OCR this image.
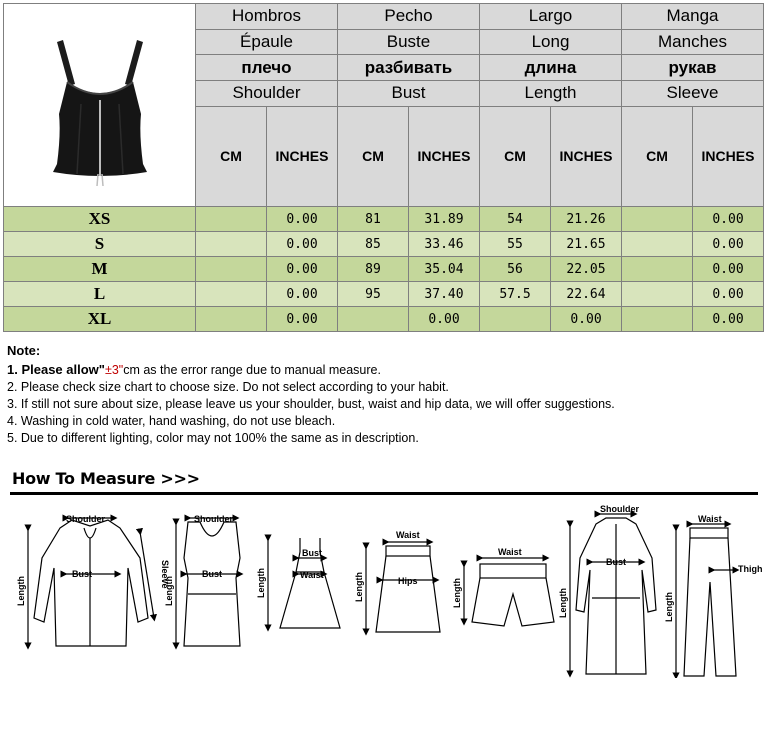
	Hombros		Pecho		Largo		Manga	
	Épaule		Buste		Long		Manches	
	плечо		разбивать		длина		рукав	
	Shoulder		Bust		Length		Sleeve	
	CM	INCHES	CM	INCHES	CM	INCHES	CM	INCHES
XS		0.00	81	31.89	54	21.26		0.00
S		0.00	85	33.46	55	21.65		0.00
M		0.00	89	35.04	56	22.05		0.00
L		0.00	95	37.40	57.5	22.64		0.00
XL		0.00		0.00		0.00		0.00
Note:
1. Please allow"±3"cm as the error range due to manual measure.
2. Please check size chart to choose size. Do not select according to your habit.
3. If still not sure about size, please leave us your shoulder, bust, waist and hip data, we will offer suggestions.
4. Washing in cold water, hand washing, do not use bleach.
5. Due to different lighting, color may not 100% the same as in description.
How To Measure >>>
Shoulder
Bust
Length
Sleeve
Shoulder
Bust
Length
Bust
Waist
Length
Waist
Hips
Length
Waist
Length
Shoulder
Bust
Length
Waist
Thigh
Length
